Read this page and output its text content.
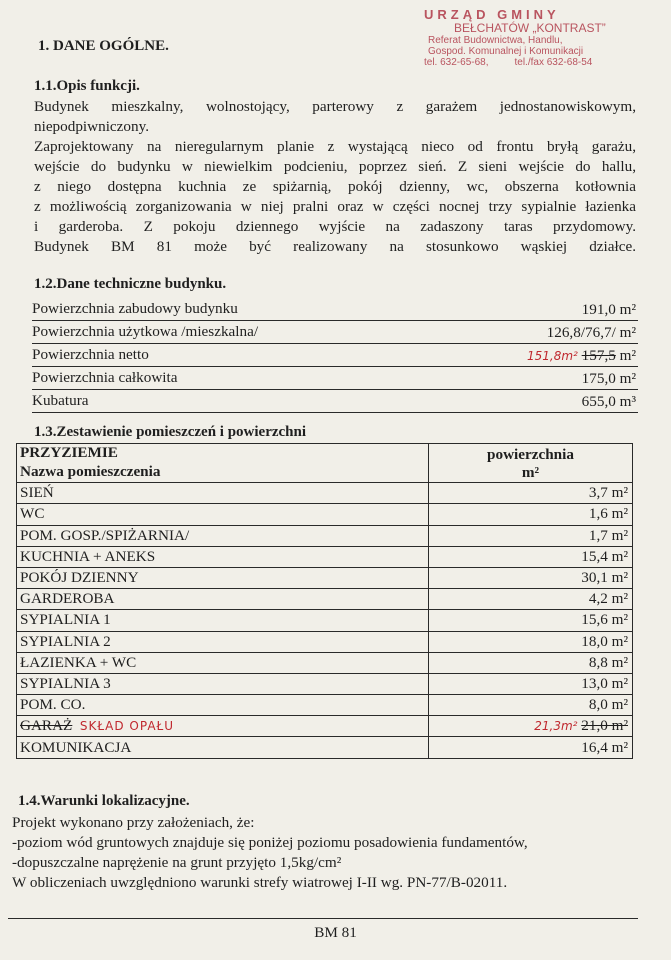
URZĄD GMINY
BEŁCHATÓW „KONTRAST”
Referat Budownictwa, Handlu,
Gospod. Komunalnej i Komunikacji
tel. 632-65-68,	tel./fax 632-68-54
1. DANE OGÓLNE.
1.1.Opis funkcji.
Budynek mieszkalny, wolnostojący, parterowy z garażem jednostanowiskowym,
niepodpiwniczony.
Zaprojektowany na nieregularnym planie z wystającą nieco od frontu bryłą garażu,
wejście do budynku w niewielkim podcieniu, poprzez sień. Z sieni wejście do hallu,
z niego dostępna kuchnia ze spiżarnią, pokój dzienny, wc, obszerna kotłownia
z możliwością zorganizowania w niej pralni oraz w części nocnej trzy sypialnie łazienka
i garderoba. Z pokoju dziennego wyjście na zadaszony taras przydomowy.
Budynek BM 81 może być realizowany na stosunkowo wąskiej działce.
1.2.Dane techniczne budynku.
Powierzchnia zabudowy budynku	191,0 m²
Powierzchnia użytkowa /mieszkalna/	126,8/76,7/ m²
Powierzchnia netto	151,8m² 157,5 m²
Powierzchnia całkowita	175,0 m²
Kubatura	655,0 m³
1.3.Zestawienie pomieszczeń i powierzchni
PRZYZIEMIE	powierzchnia
m²

Nazwa pomieszczenia	
SIEŃ	3,7 m²
WC	1,6 m²
POM. GOSP./SPIŻARNIA/	1,7 m²
KUCHNIA + ANEKS	15,4 m²
POKÓJ DZIENNY	30,1 m²
GARDEROBA	4,2 m²
SYPIALNIA 1	15,6 m²
SYPIALNIA 2	18,0 m²
ŁAZIENKA + WC	8,8 m²
SYPIALNIA 3	13,0 m²
POM. CO.	8,0 m²
GARAŻ SKŁAD OPAŁU	21,3m² 21,0 m²
KOMUNIKACJA	16,4 m²
1.4.Warunki lokalizacyjne.
Projekt wykonano przy założeniach, że:
-poziom wód gruntowych znajduje się poniżej poziomu posadowienia fundamentów,
-dopuszczalne naprężenie na grunt przyjęto 1,5kg/cm²
W obliczeniach uwzględniono warunki strefy wiatrowej I-II wg. PN-77/B-02011.
BM 81
